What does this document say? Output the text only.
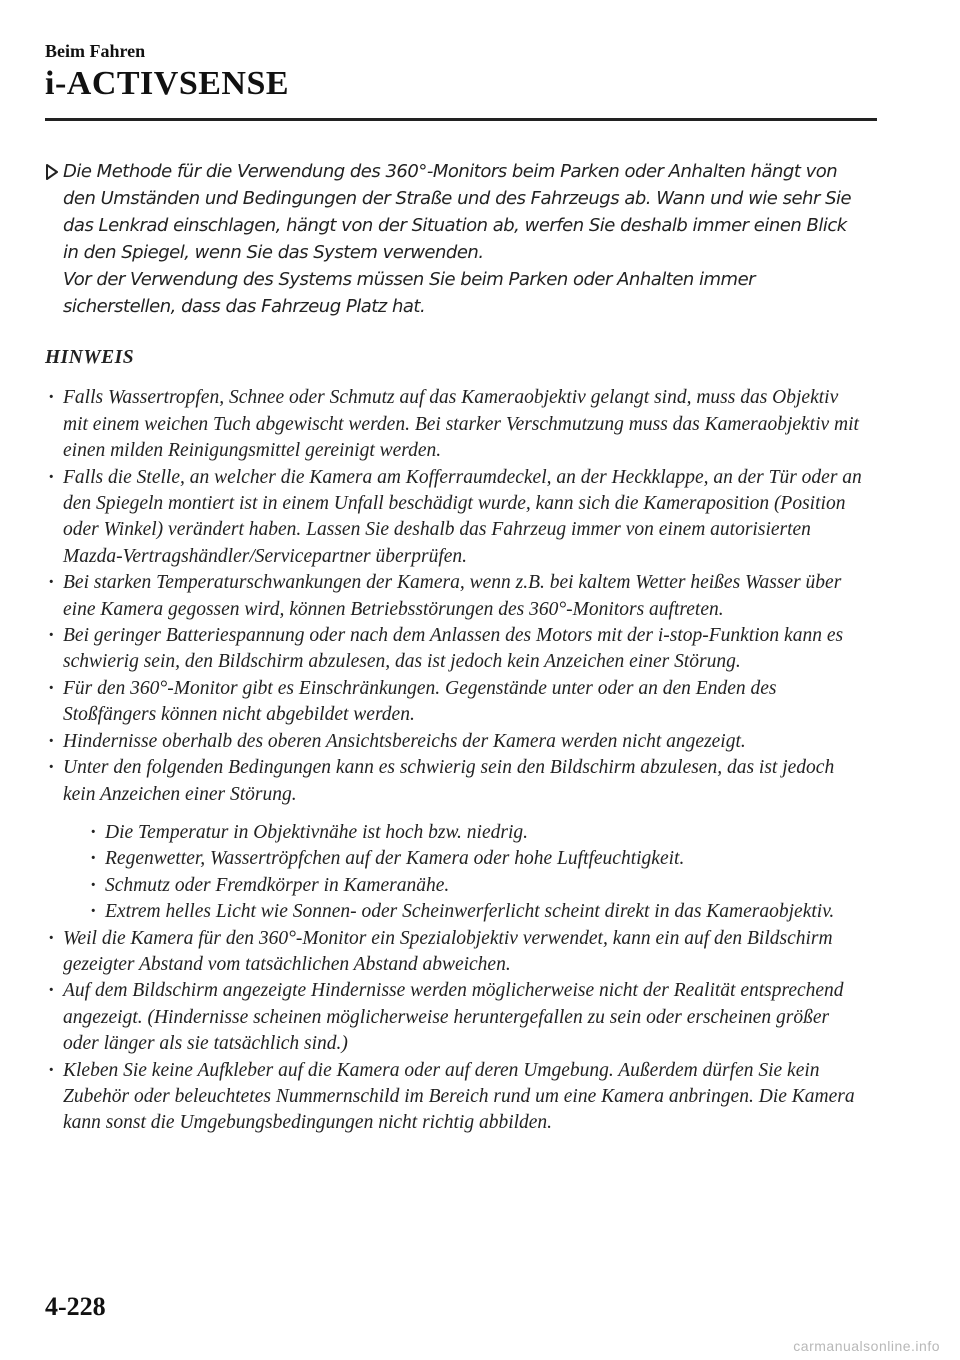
Beim Fahren
i-ACTIVSENSE

Die Methode für die Verwendung des 360°-Monitors beim Parken oder Anhalten hängt von den Umständen und Bedingungen der Straße und des Fahrzeugs ab. Wann und wie sehr Sie das Lenkrad einschlagen, hängt von der Situation ab, werfen Sie deshalb immer einen Blick in den Spiegel, wenn Sie das System verwenden.

Vor der Verwendung des Systems müssen Sie beim Parken oder Anhalten immer sicherstellen, dass das Fahrzeug Platz hat.

HINWEIS
· Falls Wassertropfen, Schnee oder Schmutz auf das Kameraobjektiv gelangt sind, muss das Objektiv mit einem weichen Tuch abgewischt werden. Bei starker Verschmutzung muss das Kameraobjektiv mit einen milden Reinigungsmittel gereinigt werden.
· Falls die Stelle, an welcher die Kamera am Kofferraumdeckel, an der Heckklappe, an der Tür oder an den Spiegeln montiert ist in einem Unfall beschädigt wurde, kann sich die Kameraposition (Position oder Winkel) verändert haben. Lassen Sie deshalb das Fahrzeug immer von einem autorisierten Mazda-Vertragshändler/Servicepartner überprüfen.
· Bei starken Temperaturschwankungen der Kamera, wenn z.B. bei kaltem Wetter heißes Wasser über eine Kamera gegossen wird, können Betriebsstörungen des 360°-Monitors auftreten.
· Bei geringer Batteriespannung oder nach dem Anlassen des Motors mit der i-stop-Funktion kann es schwierig sein, den Bildschirm abzulesen, das ist jedoch kein Anzeichen einer Störung.
· Für den 360°-Monitor gibt es Einschränkungen. Gegenstände unter oder an den Enden des Stoßfängers können nicht abgebildet werden.
· Hindernisse oberhalb des oberen Ansichtsbereichs der Kamera werden nicht angezeigt.
· Unter den folgenden Bedingungen kann es schwierig sein den Bildschirm abzulesen, das ist jedoch kein Anzeichen einer Störung.
· Die Temperatur in Objektivnähe ist hoch bzw. niedrig.
· Regenwetter, Wassertröpfchen auf der Kamera oder hohe Luftfeuchtigkeit.
· Schmutz oder Fremdkörper in Kameranähe.
· Extrem helles Licht wie Sonnen- oder Scheinwerferlicht scheint direkt in das Kameraobjektiv.
· Weil die Kamera für den 360°-Monitor ein Spezialobjektiv verwendet, kann ein auf den Bildschirm gezeigter Abstand vom tatsächlichen Abstand abweichen.
· Auf dem Bildschirm angezeigte Hindernisse werden möglicherweise nicht der Realität entsprechend angezeigt. (Hindernisse scheinen möglicherweise heruntergefallen zu sein oder erscheinen größer oder länger als sie tatsächlich sind.)
· Kleben Sie keine Aufkleber auf die Kamera oder auf deren Umgebung. Außerdem dürfen Sie kein Zubehör oder beleuchtetes Nummernschild im Bereich rund um eine Kamera anbringen. Die Kamera kann sonst die Umgebungsbedingungen nicht richtig abbilden.
4-228
carmanualsonline.info
